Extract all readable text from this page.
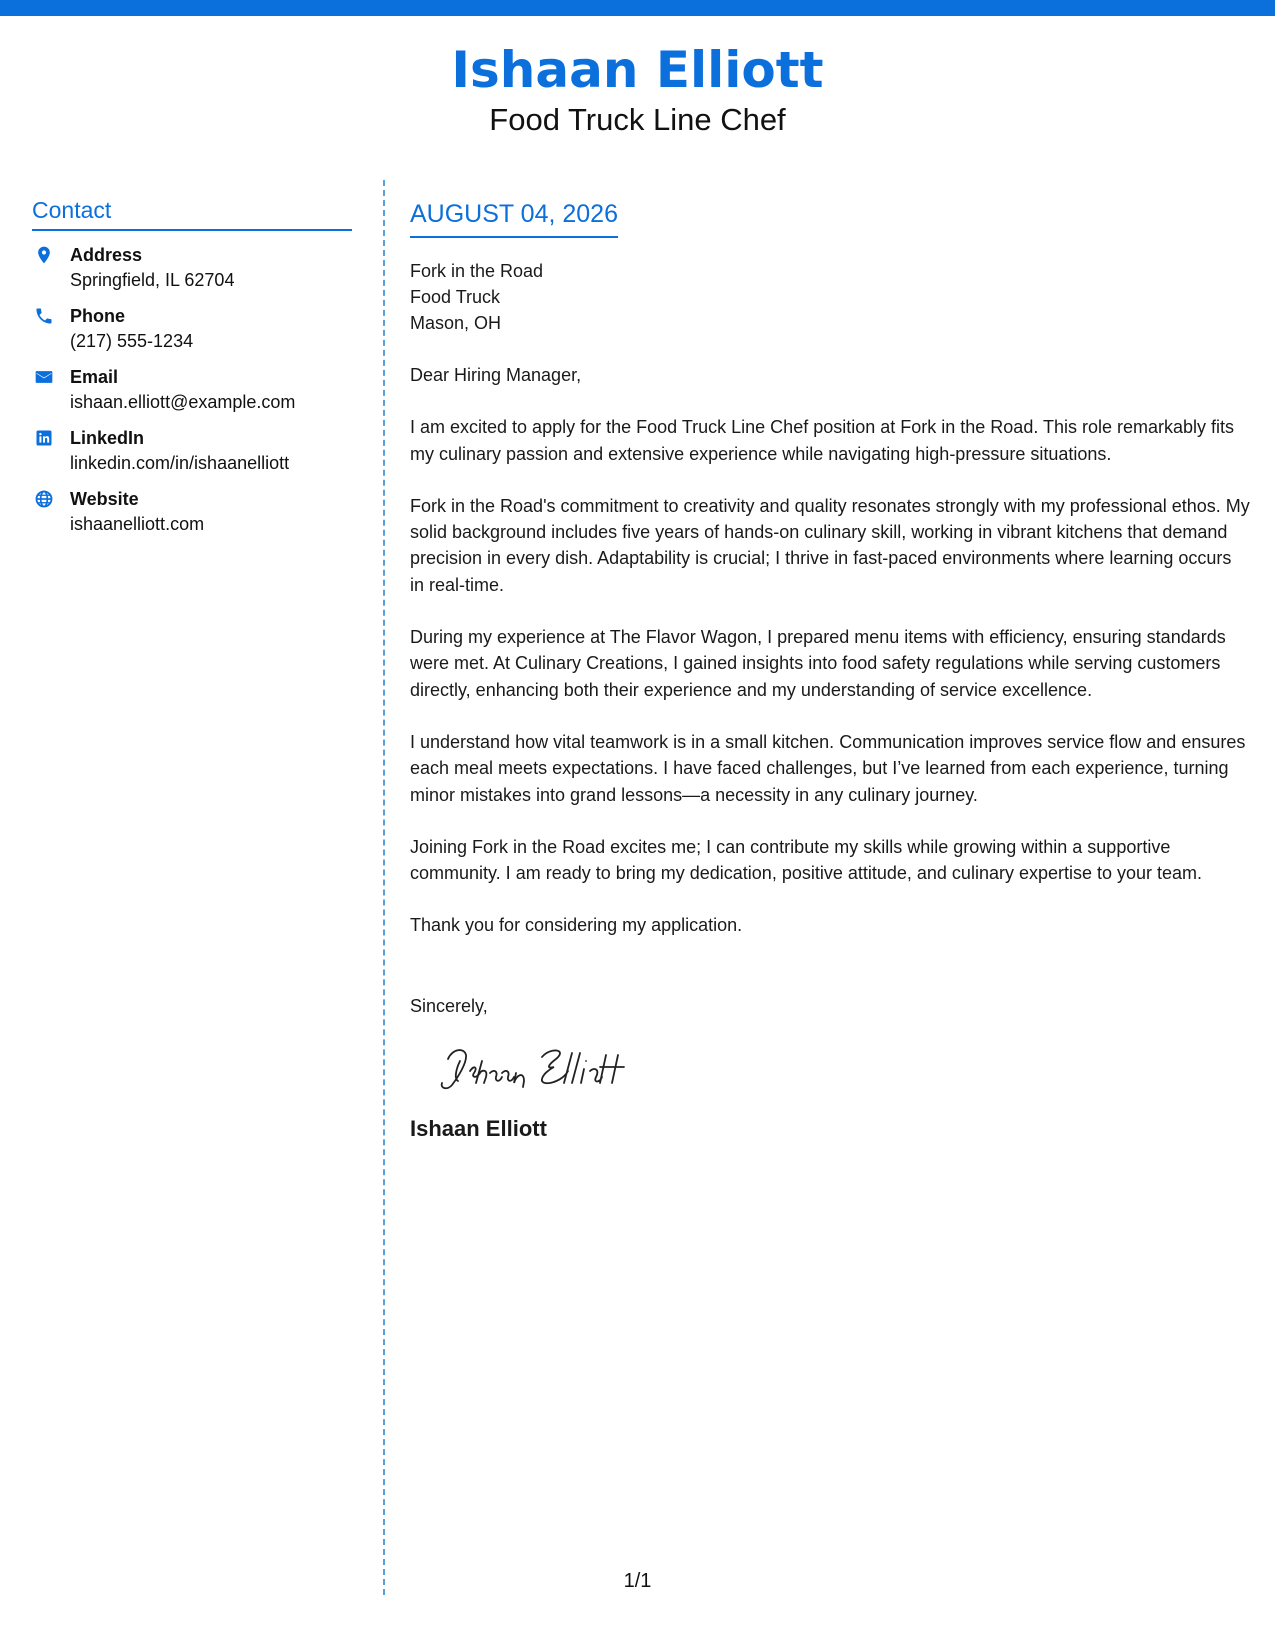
Ishaan Elliott
Food Truck Line Chef
Contact
Address
Springfield, IL 62704
Phone
(217) 555-1234
Email
ishaan.elliott@example.com
LinkedIn
linkedin.com/in/ishaanelliott
Website
ishaanelliott.com
AUGUST 04, 2026
Fork in the Road
Food Truck
Mason, OH

Dear Hiring Manager,

I am excited to apply for the Food Truck Line Chef position at Fork in the Road. This role remarkably fits my culinary passion and extensive experience while navigating high-pressure situations.

Fork in the Road's commitment to creativity and quality resonates strongly with my professional ethos. My solid background includes five years of hands-on culinary skill, working in vibrant kitchens that demand precision in every dish. Adaptability is crucial; I thrive in fast-paced environments where learning occurs in real-time.

During my experience at The Flavor Wagon, I prepared menu items with efficiency, ensuring standards were met. At Culinary Creations, I gained insights into food safety regulations while serving customers directly, enhancing both their experience and my understanding of service excellence.

I understand how vital teamwork is in a small kitchen. Communication improves service flow and ensures each meal meets expectations. I have faced challenges, but I’ve learned from each experience, turning minor mistakes into grand lessons—a necessity in any culinary journey.

Joining Fork in the Road excites me; I can contribute my skills while growing within a supportive community. I am ready to bring my dedication, positive attitude, and culinary expertise to your team.

Thank you for considering my application.

Sincerely,
Ishaan Elliott
1/1
